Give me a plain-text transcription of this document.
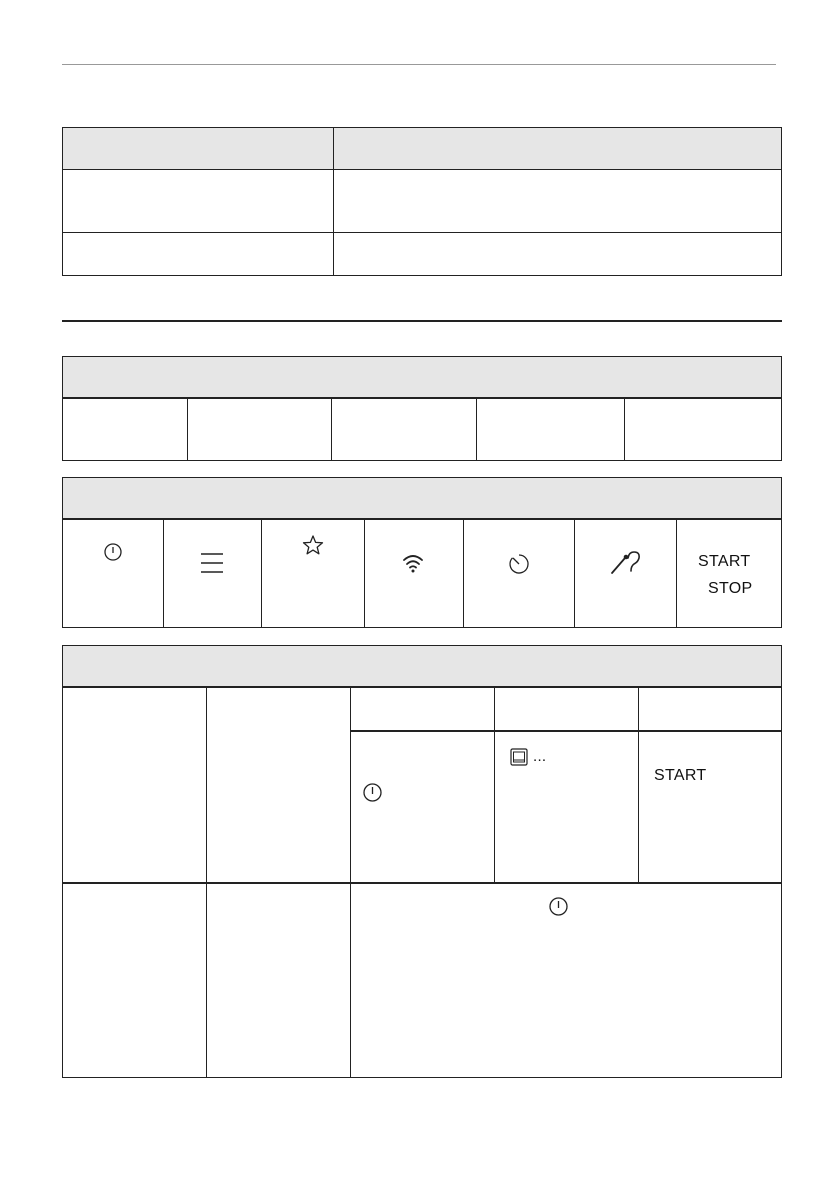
START
STOP
...
START
